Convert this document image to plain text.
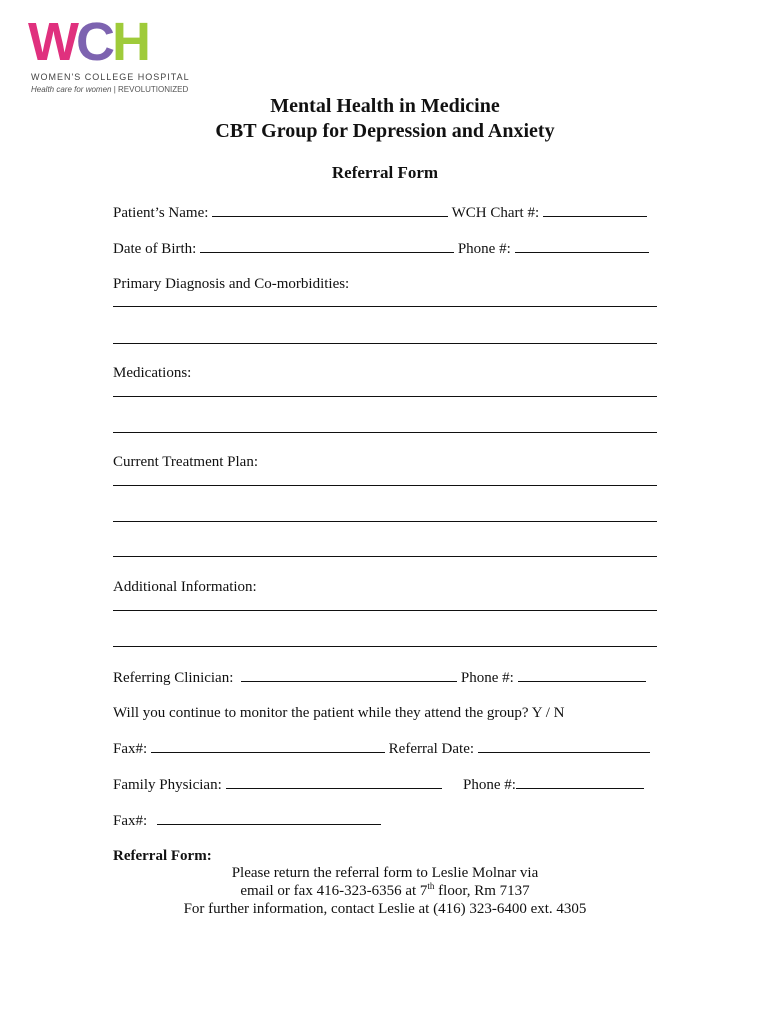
WCH
WOMEN'S COLLEGE HOSPITAL
Health care for women | REVOLUTIONIZED
Mental Health in Medicine
CBT Group for Depression and Anxiety
Referral Form
Patient’s Name:	WCH Chart #:
Date of Birth:	Phone #:
Primary Diagnosis and Co-morbidities:
Medications:
Current Treatment Plan:
Additional Information:
Referring Clinician:	Phone #:
Will you continue to monitor the patient while they attend the group? Y / N
Fax#:	Referral Date:
Family Physician:	Phone #:
Fax#:
Referral Form:
Please return the referral form to Leslie Molnar via
email or fax 416-323-6356 at 7th floor, Rm 7137
For further information, contact Leslie at (416) 323-6400 ext. 4305
